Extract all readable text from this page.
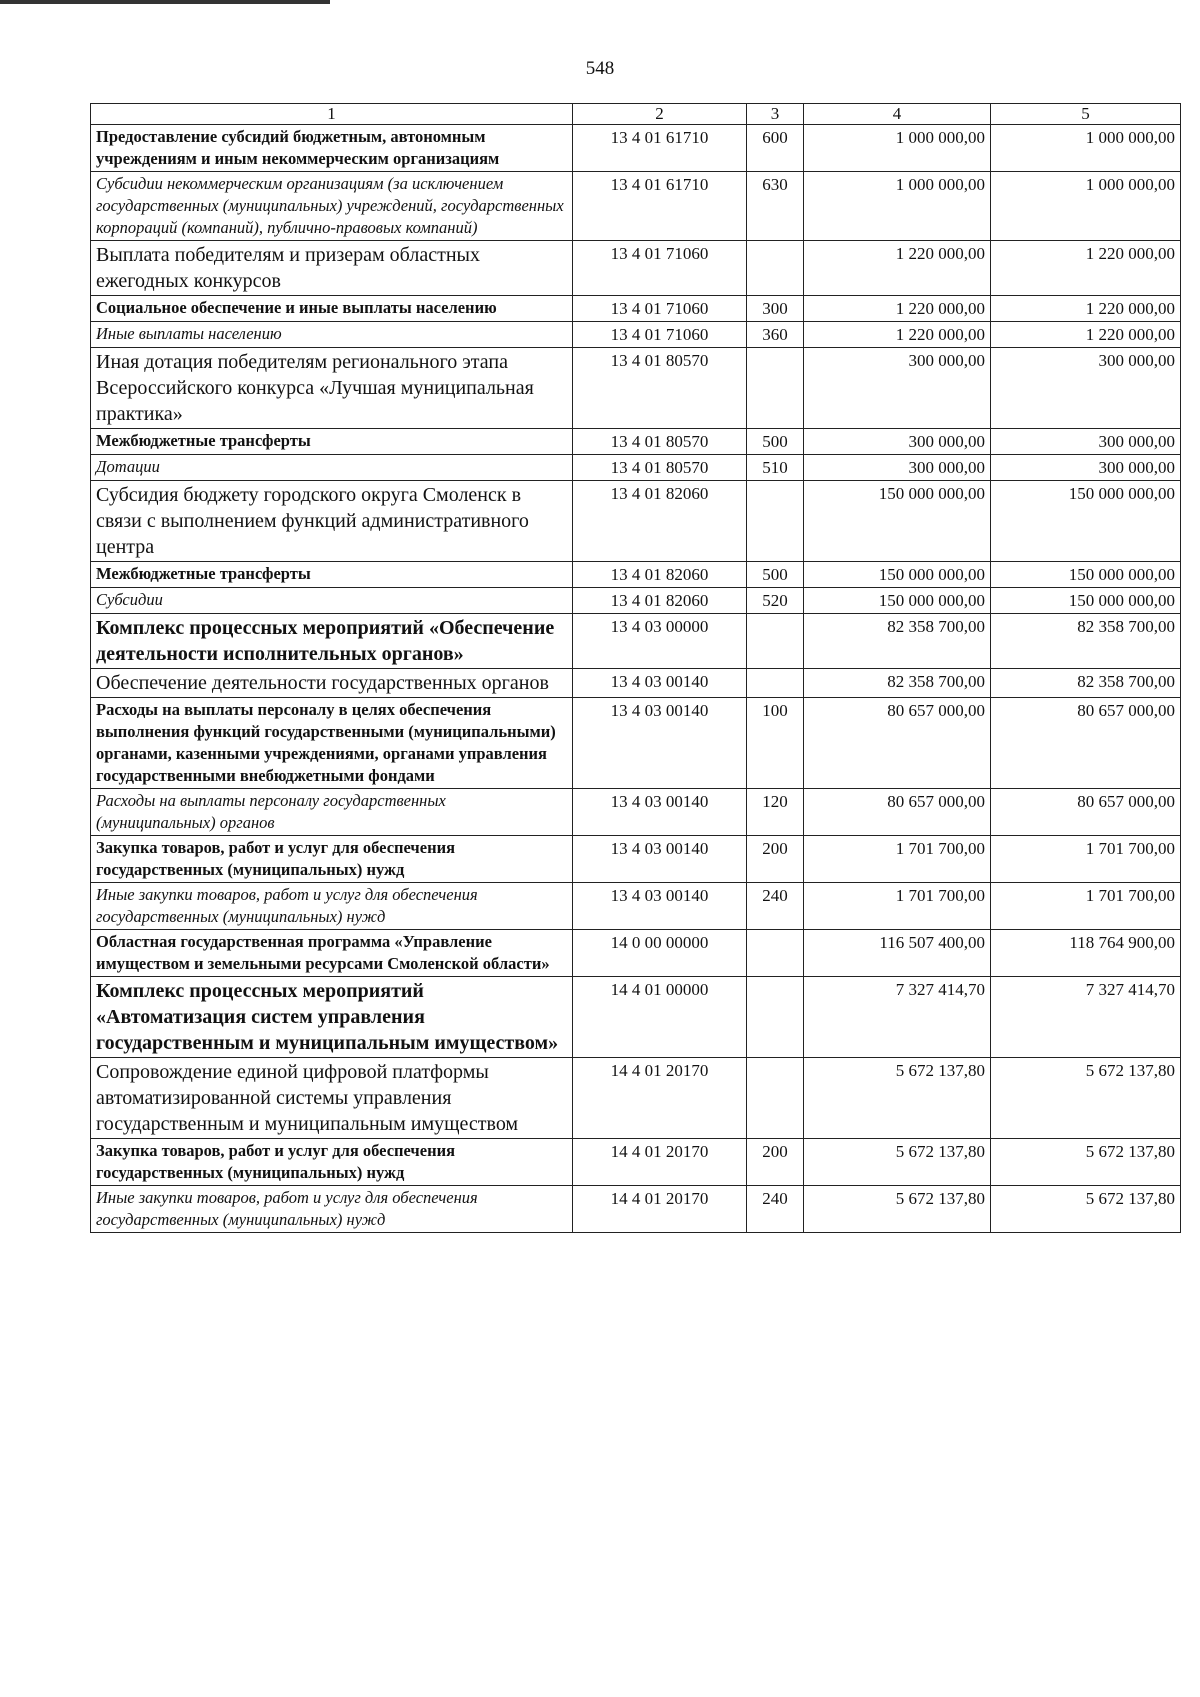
548
1	2	3	4	5
Предоставление субсидий бюджетным, автономным учреждениям и иным некоммерческим организациям	13 4 01 61710	600	1 000 000,00	1 000 000,00
Субсидии некоммерческим организациям (за исключением государственных (муниципальных) учреждений, государственных корпораций (компаний), публично-правовых компаний)	13 4 01 61710	630	1 000 000,00	1 000 000,00
Выплата победителям и призерам областных ежегодных конкурсов	13 4 01 71060		1 220 000,00	1 220 000,00
Социальное обеспечение и иные выплаты населению	13 4 01 71060	300	1 220 000,00	1 220 000,00
Иные выплаты населению	13 4 01 71060	360	1 220 000,00	1 220 000,00
Иная дотация победителям регионального этапа Всероссийского конкурса «Лучшая муниципальная практика»	13 4 01 80570		300 000,00	300 000,00
Межбюджетные трансферты	13 4 01 80570	500	300 000,00	300 000,00
Дотации	13 4 01 80570	510	300 000,00	300 000,00
Субсидия бюджету городского округа Смоленск в связи с выполнением функций административного центра	13 4 01 82060		150 000 000,00	150 000 000,00
Межбюджетные трансферты	13 4 01 82060	500	150 000 000,00	150 000 000,00
Субсидии	13 4 01 82060	520	150 000 000,00	150 000 000,00
Комплекс процессных мероприятий «Обеспечение деятельности исполнительных органов»	13 4 03 00000		82 358 700,00	82 358 700,00
Обеспечение деятельности государственных органов	13 4 03 00140		82 358 700,00	82 358 700,00
Расходы на выплаты персоналу в целях обеспечения выполнения функций государственными (муниципальными) органами, казенными учреждениями, органами управления государственными внебюджетными фондами	13 4 03 00140	100	80 657 000,00	80 657 000,00
Расходы на выплаты персоналу государственных (муниципальных) органов	13 4 03 00140	120	80 657 000,00	80 657 000,00
Закупка товаров, работ и услуг для обеспечения государственных (муниципальных) нужд	13 4 03 00140	200	1 701 700,00	1 701 700,00
Иные закупки товаров, работ и услуг для обеспечения государственных (муниципальных) нужд	13 4 03 00140	240	1 701 700,00	1 701 700,00
Областная государственная программа «Управление имуществом и земельными ресурсами Смоленской области»	14 0 00 00000		116 507 400,00	118 764 900,00
Комплекс процессных мероприятий «Автоматизация систем управления государственным и муниципальным имуществом»	14 4 01 00000		7 327 414,70	7 327 414,70
Сопровождение единой цифровой платформы автоматизированной системы управления государственным и муниципальным имуществом	14 4 01 20170		5 672 137,80	5 672 137,80
Закупка товаров, работ и услуг для обеспечения государственных (муниципальных) нужд	14 4 01 20170	200	5 672 137,80	5 672 137,80
Иные закупки товаров, работ и услуг для обеспечения государственных (муниципальных) нужд	14 4 01 20170	240	5 672 137,80	5 672 137,80
